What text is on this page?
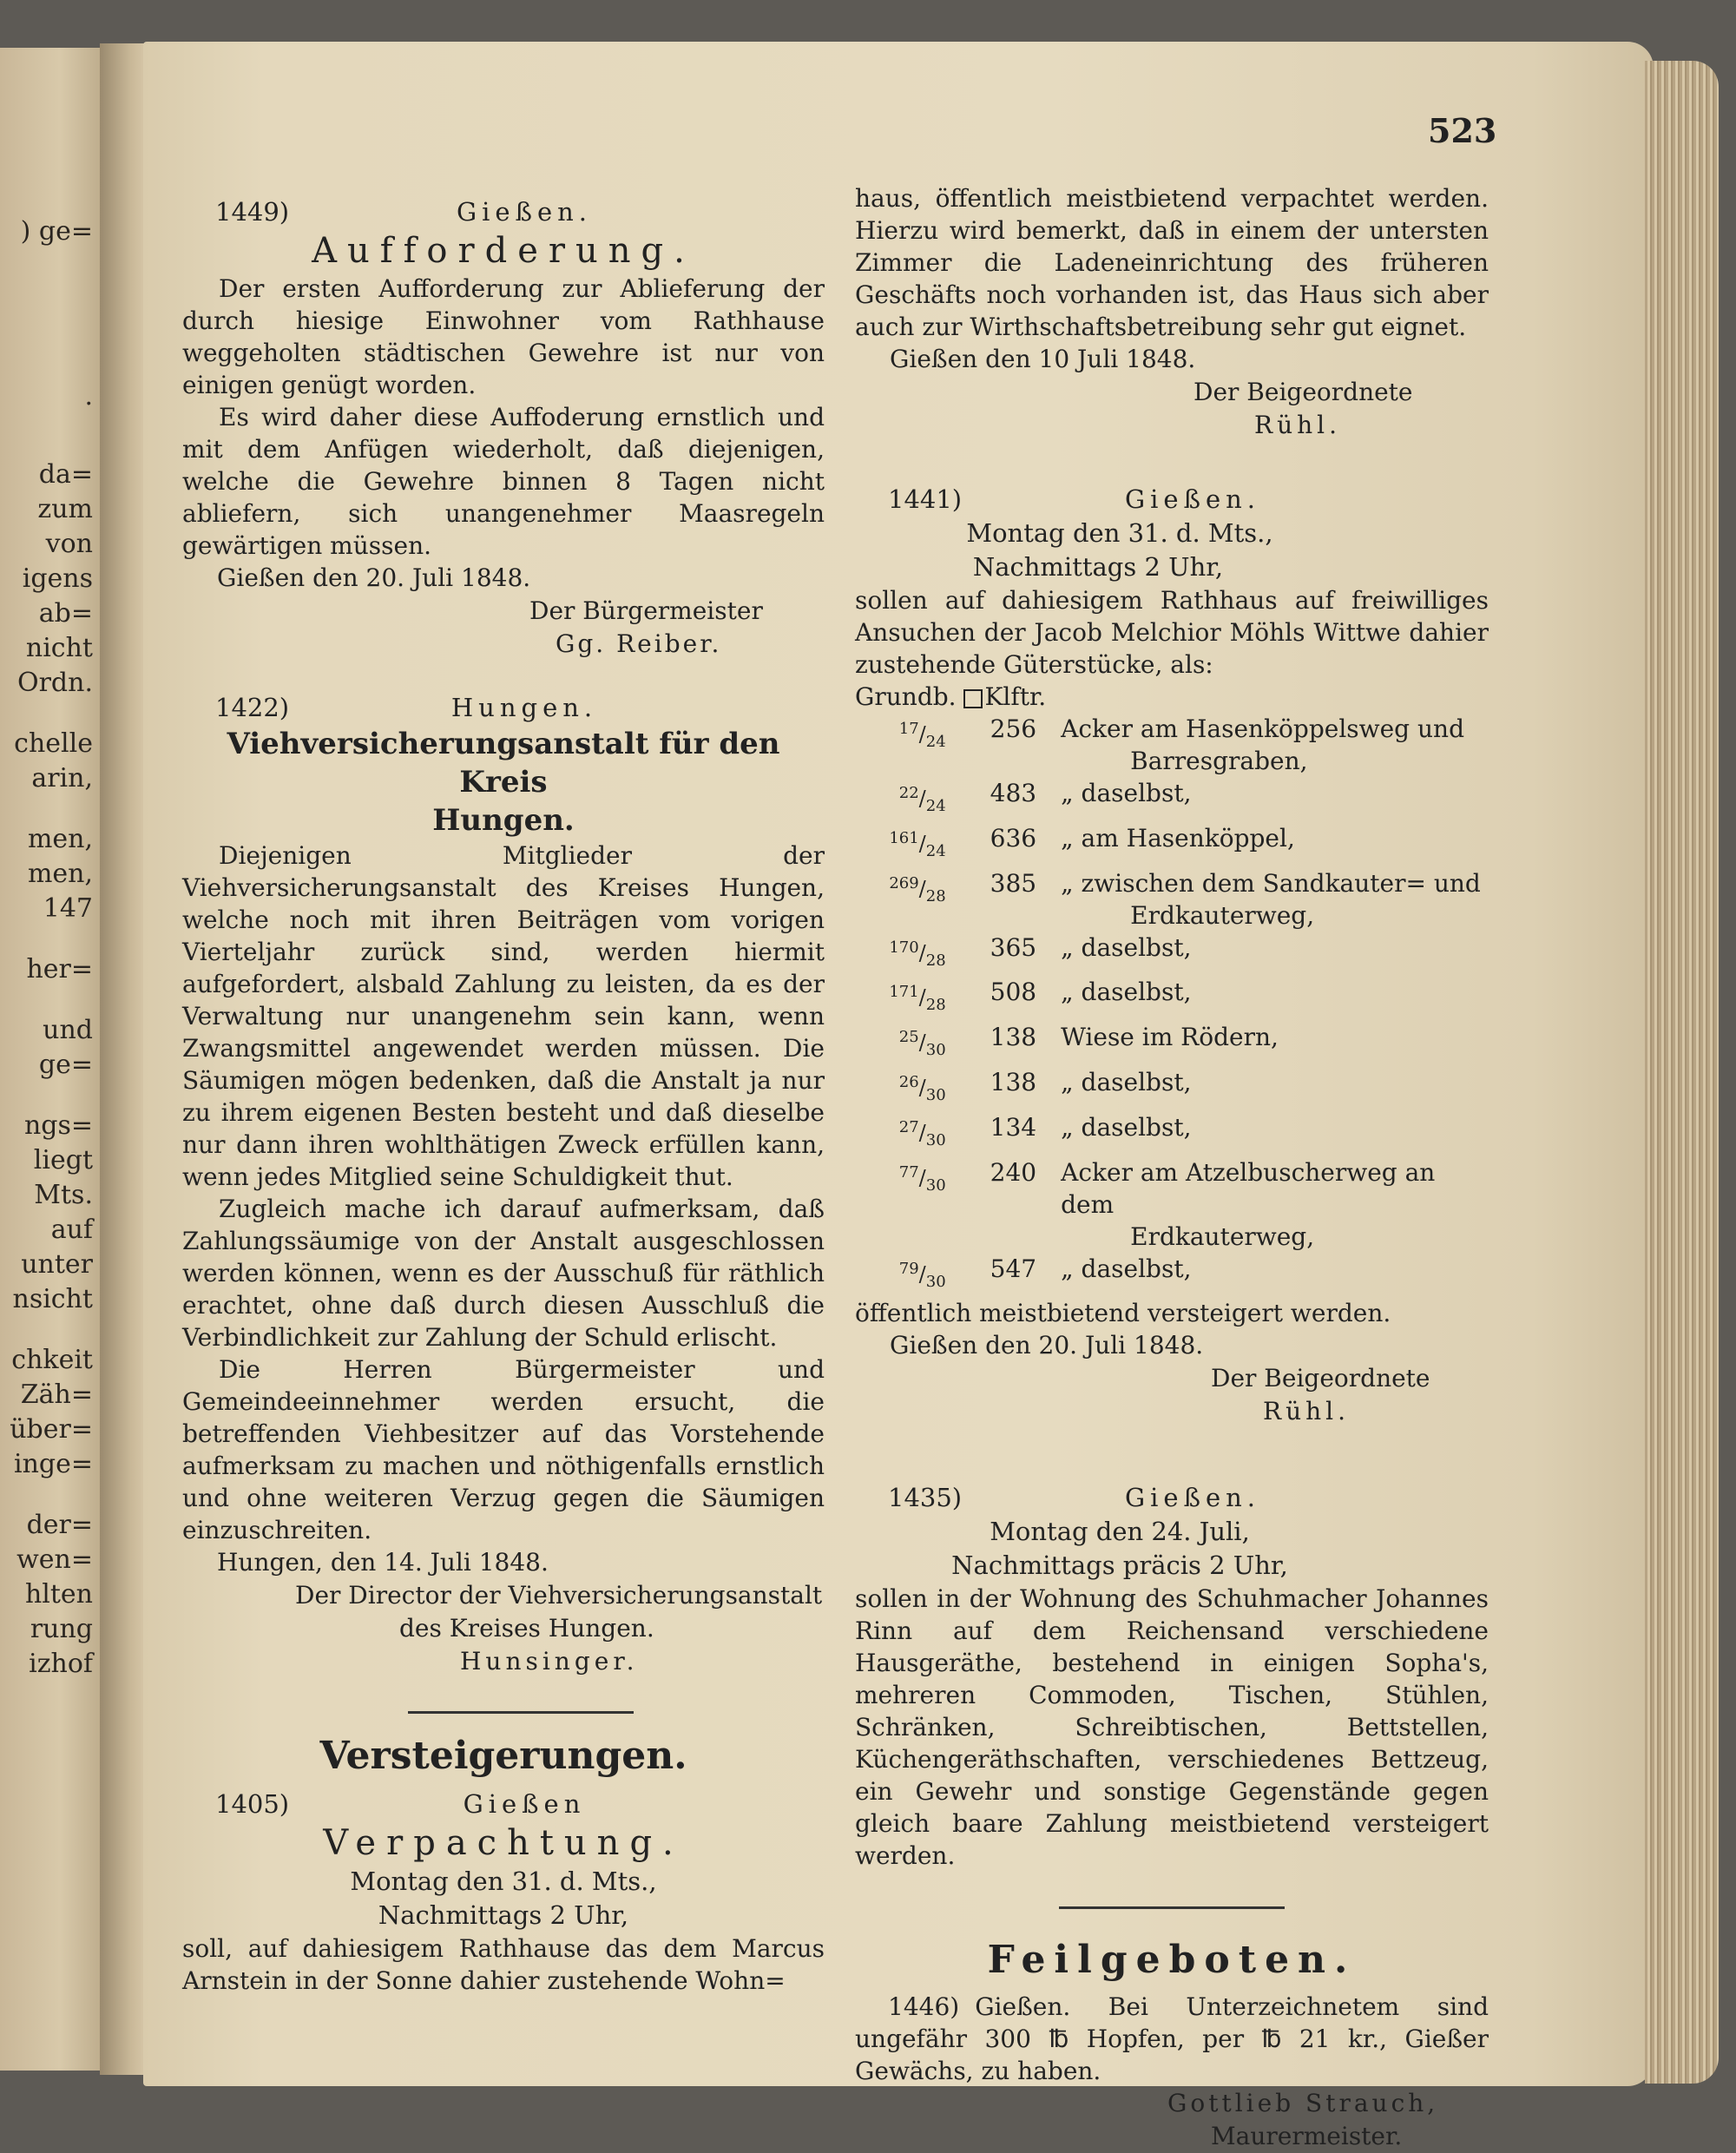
) ge=
.
da=
zum
von
igens
ab=
nicht
Ordn.
chelle
arin,
men,
men,
147
her=
und
ge=
ngs=
liegt
Mts.
auf
unter
nsicht
chkeit
Zäh=
über=
inge=
der=
wen=
hlten
rung
izhof
523
1449)	Gießen.
Aufforderung.

Der ersten Aufforderung zur Ablieferung der durch hiesige Einwohner vom Rathhause weggeholten städtischen Gewehre ist nur von einigen genügt worden.

Es wird daher diese Auffoderung ernstlich und mit dem Anfügen wiederholt, daß diejenigen, welche die Gewehre binnen 8 Tagen nicht abliefern, sich unangenehmer Maasregeln gewärtigen müssen.

Gießen den 20. Juli 1848.
Der Bürgermeister
Gg. Reiber.
1422)	Hungen.
Viehversicherungsanstalt für den Kreis
Hungen.

Diejenigen Mitglieder der Viehversicherungsanstalt des Kreises Hungen, welche noch mit ihren Beiträgen vom vorigen Vierteljahr zurück sind, werden hiermit aufgefordert, alsbald Zahlung zu leisten, da es der Verwaltung nur unangenehm sein kann, wenn Zwangsmittel angewendet werden müssen. Die Säumigen mögen bedenken, daß die Anstalt ja nur zu ihrem eigenen Besten besteht und daß dieselbe nur dann ihren wohlthätigen Zweck erfüllen kann, wenn jedes Mitglied seine Schuldigkeit thut.

Zugleich mache ich darauf aufmerksam, daß Zahlungssäumige von der Anstalt ausgeschlossen werden können, wenn es der Ausschuß für räthlich erachtet, ohne daß durch diesen Ausschluß die Verbindlichkeit zur Zahlung der Schuld erlischt.

Die Herren Bürgermeister und Gemeindeeinnehmer werden ersucht, die betreffenden Viehbesitzer auf das Vorstehende aufmerksam zu machen und nöthigenfalls ernstlich und ohne weiteren Verzug gegen die Säumigen einzuschreiten.

Hungen, den 14. Juli 1848.
Der Director der Viehversicherungsanstalt
des Kreises Hungen.
Hunsinger.
Versteigerungen.
1405)	Gießen
Verpachtung.
Montag den 31. d. Mts.,
Nachmittags 2 Uhr,

soll, auf dahiesigem Rathhause das dem Marcus Arnstein in der Sonne dahier zustehende Wohn=

haus, öffentlich meistbietend verpachtet werden. Hierzu wird bemerkt, daß in einem der untersten Zimmer die Ladeneinrichtung des früheren Geschäfts noch vorhanden ist, das Haus sich aber auch zur Wirthschaftsbetreibung sehr gut eignet.

Gießen den 10 Juli 1848.
Der Beigeordnete
Rühl.
1441)	Gießen.
Montag den 31. d. Mts.,
Nachmittags 2 Uhr,

sollen auf dahiesigem Rathhaus auf freiwilliges Ansuchen der Jacob Melchior Möhls Wittwe dahier zustehende Güterstücke, als:

Grundb. Klftr.
$^{17}/_{24}$	256	Acker am Hasenköppelsweg und
Barresgraben,

$^{22}/_{24}$	483	„ daselbst,
$^{161}/_{24}$	636	„ am Hasenköppel,
$^{269}/_{28}$	385	„ zwischen dem Sandkauter= und
Erdkauterweg,

$^{170}/_{28}$	365	„ daselbst,
$^{171}/_{28}$	508	„ daselbst,
$^{25}/_{30}$	138	Wiese im Rödern,
$^{26}/_{30}$	138	„ daselbst,
$^{27}/_{30}$	134	„ daselbst,
$^{77}/_{30}$	240	Acker am Atzelbuscherweg an dem
Erdkauterweg,

$^{79}/_{30}$	547	„ daselbst,

öffentlich meistbietend versteigert werden.

Gießen den 20. Juli 1848.
Der Beigeordnete
Rühl.
1435)	Gießen.
Montag den 24. Juli,
Nachmittags präcis 2 Uhr,

sollen in der Wohnung des Schuhmacher Johannes Rinn auf dem Reichensand verschiedene Hausgeräthe, bestehend in einigen Sopha's, mehreren Commoden, Tischen, Stühlen, Schränken, Schreibtischen, Bettstellen, Küchengeräthschaften, verschiedenes Bettzeug, ein Gewehr und sonstige Gegenstände gegen gleich baare Zahlung meistbietend versteigert werden.

Feilgeboten.

1446) Gießen. Bei Unterzeichnetem sind ungefähr 300 ℔ Hopfen, per ℔ 21 kr., Gießer Gewächs, zu haben.

Gottlieb Strauch,
Maurermeister.
